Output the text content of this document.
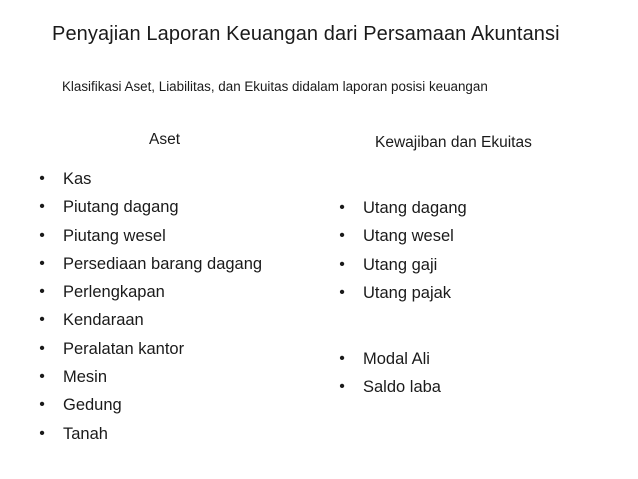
Penyajian Laporan Keuangan dari Persamaan Akuntansi
Klasifikasi Aset, Liabilitas, dan Ekuitas didalam laporan posisi keuangan
Aset	Kewajiban dan Ekuitas
• Kas
• Piutang dagang
• Piutang wesel
• Persediaan barang dagang
• Perlengkapan
• Kendaraan
• Peralatan kantor
• Mesin
• Gedung
• Tanah
• Utang dagang
• Utang wesel
• Utang gaji
• Utang pajak
• Modal Ali
• Saldo laba
